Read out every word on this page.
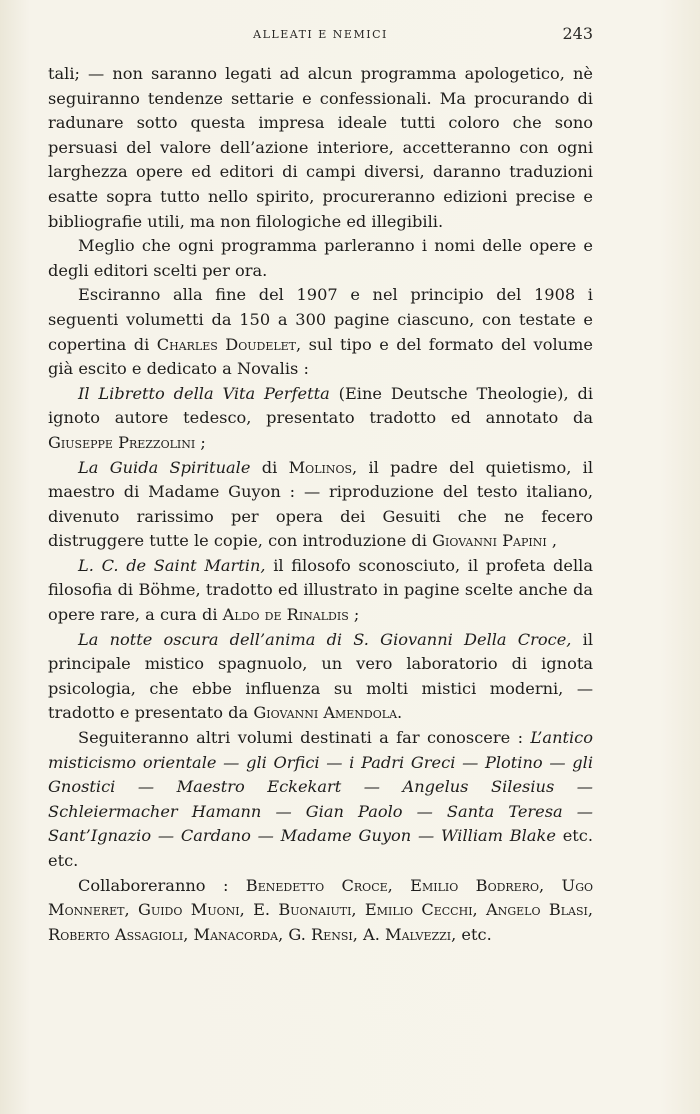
ALLEATI E NEMICI	243

tali; — non saranno legati ad alcun programma apologetico, nè seguiranno tendenze settarie e confessionali. Ma procurando di radunare sotto questa impresa ideale tutti coloro che sono persuasi del valore dell’azione interiore, accetteranno con ogni larghezza opere ed editori di campi diversi, daranno traduzioni esatte sopra tutto nello spirito, procureranno edizioni precise e bibliografie utili, ma non filologiche ed illegibili.

Meglio che ogni programma parleranno i nomi delle opere e degli editori scelti per ora.

Esciranno alla fine del 1907 e nel principio del 1908 i seguenti volumetti da 150 a 300 pagine ciascuno, con testate e copertina di Charles Doudelet, sul tipo e del formato del volume già escito e dedicato a Novalis :

Il Libretto della Vita Perfetta (Eine Deutsche Theologie), di ignoto autore tedesco, presentato tradotto ed annotato da Giuseppe Prezzolini ;

La Guida Spirituale di Molinos, il padre del quietismo, il maestro di Madame Guyon : — riproduzione del testo italiano, divenuto rarissimo per opera dei Gesuiti che ne fecero distruggere tutte le copie, con introduzione di Giovanni Papini ,

L. C. de Saint Martin, il filosofo sconosciuto, il profeta della filosofia di Böhme, tradotto ed illustrato in pagine scelte anche da opere rare, a cura di Aldo de Rinaldis ;

La notte oscura dell’anima di S. Giovanni Della Croce, il principale mistico spagnuolo, un vero laboratorio di ignota psicologia, che ebbe influenza su molti mistici moderni, — tradotto e presentato da Giovanni Amendola.

Seguiteranno altri volumi destinati a far conoscere : L’antico misticismo orientale — gli Orfici — i Padri Greci — Plotino — gli Gnostici — Maestro Eckekart — Angelus Silesius — Schleiermacher Hamann — Gian Paolo — Santa Teresa — Sant’Ignazio — Cardano — Madame Guyon — William Blake etc. etc.

Collaboreranno : Benedetto Croce, Emilio Bodrero, Ugo Monneret, Guido Muoni, E. Buonaiuti, Emilio Cecchi, Angelo Blasi, Roberto Assagioli, Manacorda, G. Rensi, A. Malvezzi, etc.
